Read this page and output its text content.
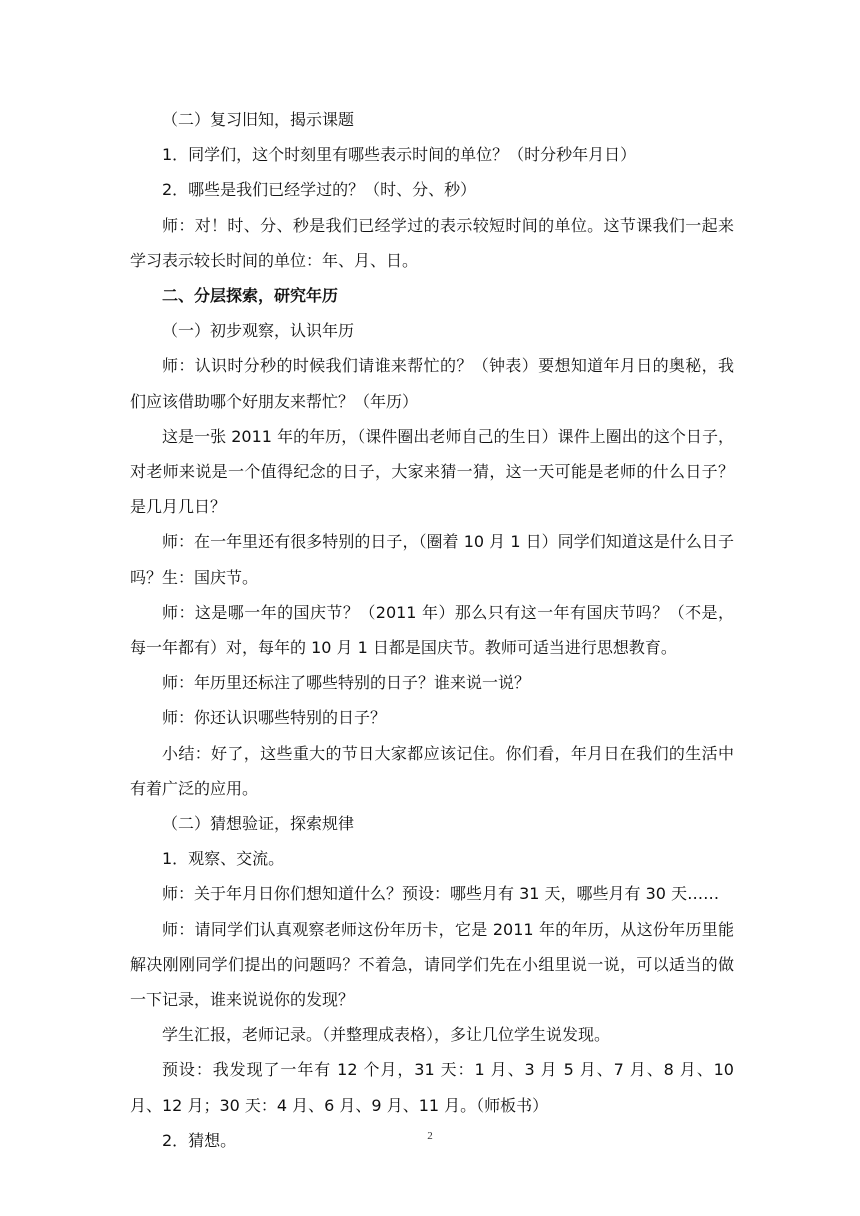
（二）复习旧知，揭示课题

1．同学们，这个时刻里有哪些表示时间的单位？（时分秒年月日）

2．哪些是我们已经学过的？（时、分、秒）

师：对！时、分、秒是我们已经学过的表示较短时间的单位。这节课我们一起来学习表示较长时间的单位：年、月、日。

二、分层探索，研究年历

（一）初步观察，认识年历

师：认识时分秒的时候我们请谁来帮忙的？（钟表）要想知道年月日的奥秘，我们应该借助哪个好朋友来帮忙？（年历）

这是一张 2011 年的年历，（课件圈出老师自己的生日）课件上圈出的这个日子，对老师来说是一个值得纪念的日子，大家来猜一猜，这一天可能是老师的什么日子？是几月几日？

师：在一年里还有很多特别的日子，（圈着 10 月 1 日）同学们知道这是什么日子吗？生：国庆节。

师：这是哪一年的国庆节？（2011 年）那么只有这一年有国庆节吗？（不是，每一年都有）对，每年的 10 月 1 日都是国庆节。教师可适当进行思想教育。

师：年历里还标注了哪些特别的日子？谁来说一说？

师：你还认识哪些特别的日子？

小结：好了，这些重大的节日大家都应该记住。你们看，年月日在我们的生活中有着广泛的应用。

（二）猜想验证，探索规律

1．观察、交流。

师：关于年月日你们想知道什么？预设：哪些月有 31 天，哪些月有 30 天……

师：请同学们认真观察老师这份年历卡，它是 2011 年的年历，从这份年历里能解决刚刚同学们提出的问题吗？不着急，请同学们先在小组里说一说，可以适当的做一下记录，谁来说说你的发现？

学生汇报，老师记录。（并整理成表格），多让几位学生说发现。

预设：我发现了一年有 12 个月，31 天：1 月、3 月 5 月、7 月、8 月、10 月、12 月；30 天：4 月、6 月、9 月、11 月。（师板书）

2．猜想。	2
